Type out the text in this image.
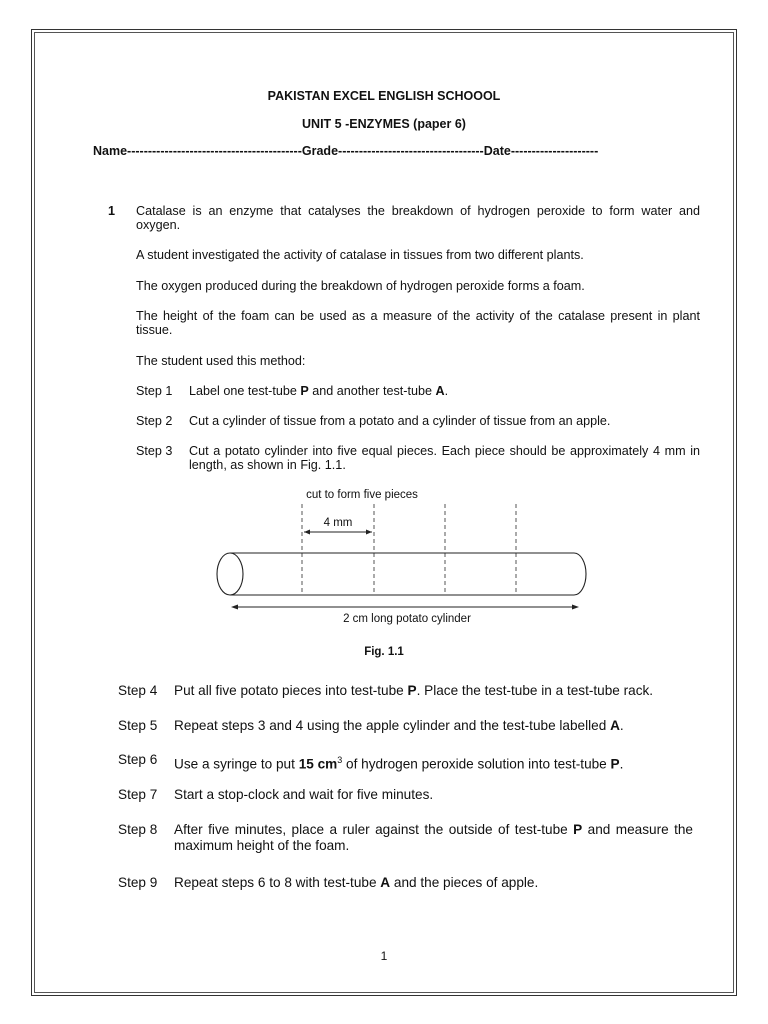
PAKISTAN EXCEL ENGLISH SCHOOOL
UNIT 5 -ENZYMES (paper 6)
Name------------------------------------------Grade-----------------------------------Date---------------------
1 Catalase is an enzyme that catalyses the breakdown of hydrogen peroxide to form water and oxygen.
A student investigated the activity of catalase in tissues from two different plants.
The oxygen produced during the breakdown of hydrogen peroxide forms a foam.
The height of the foam can be used as a measure of the activity of the catalase present in plant tissue.
The student used this method:
Step 1	Label one test-tube P and another test-tube A.
Step 2	Cut a cylinder of tissue from a potato and a cylinder of tissue from an apple.
Step 3	Cut a potato cylinder into five equal pieces. Each piece should be approximately 4 mm in length, as shown in Fig. 1.1.
cut to form five pieces
4 mm
2 cm long potato cylinder
Fig. 1.1
Step 4	Put all five potato pieces into test-tube P. Place the test-tube in a test-tube rack.
Step 5	Repeat steps 3 and 4 using the apple cylinder and the test-tube labelled A.
Step 6	Use a syringe to put 15 $cm^3$ of hydrogen peroxide solution into test-tube P.
Step 7	Start a stop-clock and wait for five minutes.
Step 8	After five minutes, place a ruler against the outside of test-tube P and measure the maximum height of the foam.
Step 9	Repeat steps 6 to 8 with test-tube A and the pieces of apple.
1
